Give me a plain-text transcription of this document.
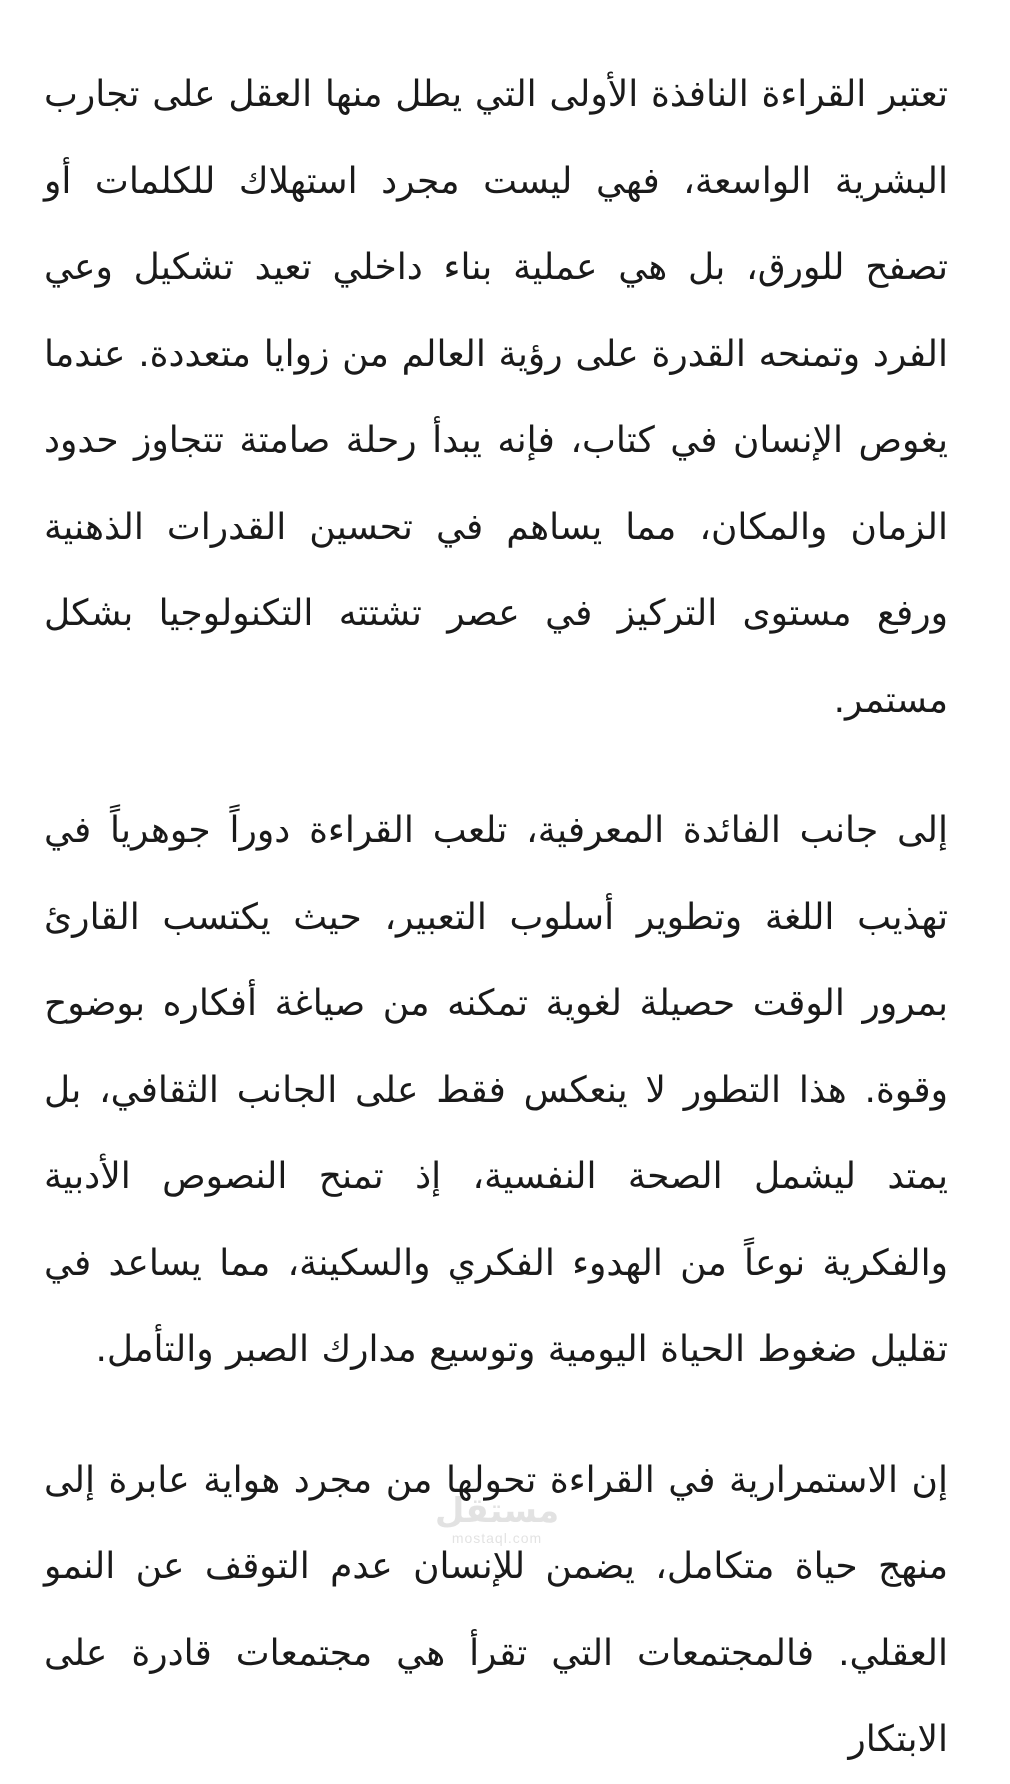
تعتبر القراءة النافذة الأولى التي يطل منها العقل على تجارب البشرية الواسعة، فهي ليست مجرد استهلاك للكلمات أو تصفح للورق، بل هي عملية بناء داخلي تعيد تشكيل وعي الفرد وتمنحه القدرة على رؤية العالم من زوايا متعددة. عندما يغوص الإنسان في كتاب، فإنه يبدأ رحلة صامتة تتجاوز حدود الزمان والمكان، مما يساهم في تحسين القدرات الذهنية ورفع مستوى التركيز في عصر تشتته التكنولوجيا بشكل مستمر.

إلى جانب الفائدة المعرفية، تلعب القراءة دوراً جوهرياً في تهذيب اللغة وتطوير أسلوب التعبير، حيث يكتسب القارئ بمرور الوقت حصيلة لغوية تمكنه من صياغة أفكاره بوضوح وقوة. هذا التطور لا ينعكس فقط على الجانب الثقافي، بل يمتد ليشمل الصحة النفسية، إذ تمنح النصوص الأدبية والفكرية نوعاً من الهدوء الفكري والسكينة، مما يساعد في تقليل ضغوط الحياة اليومية وتوسيع مدارك الصبر والتأمل.

إن الاستمرارية في القراءة تحولها من مجرد هواية عابرة إلى منهج حياة متكامل، يضمن للإنسان عدم التوقف عن النمو العقلي. فالمجتمعات التي تقرأ هي مجتمعات قادرة على الابتكار

مستقل
mostaql.com
